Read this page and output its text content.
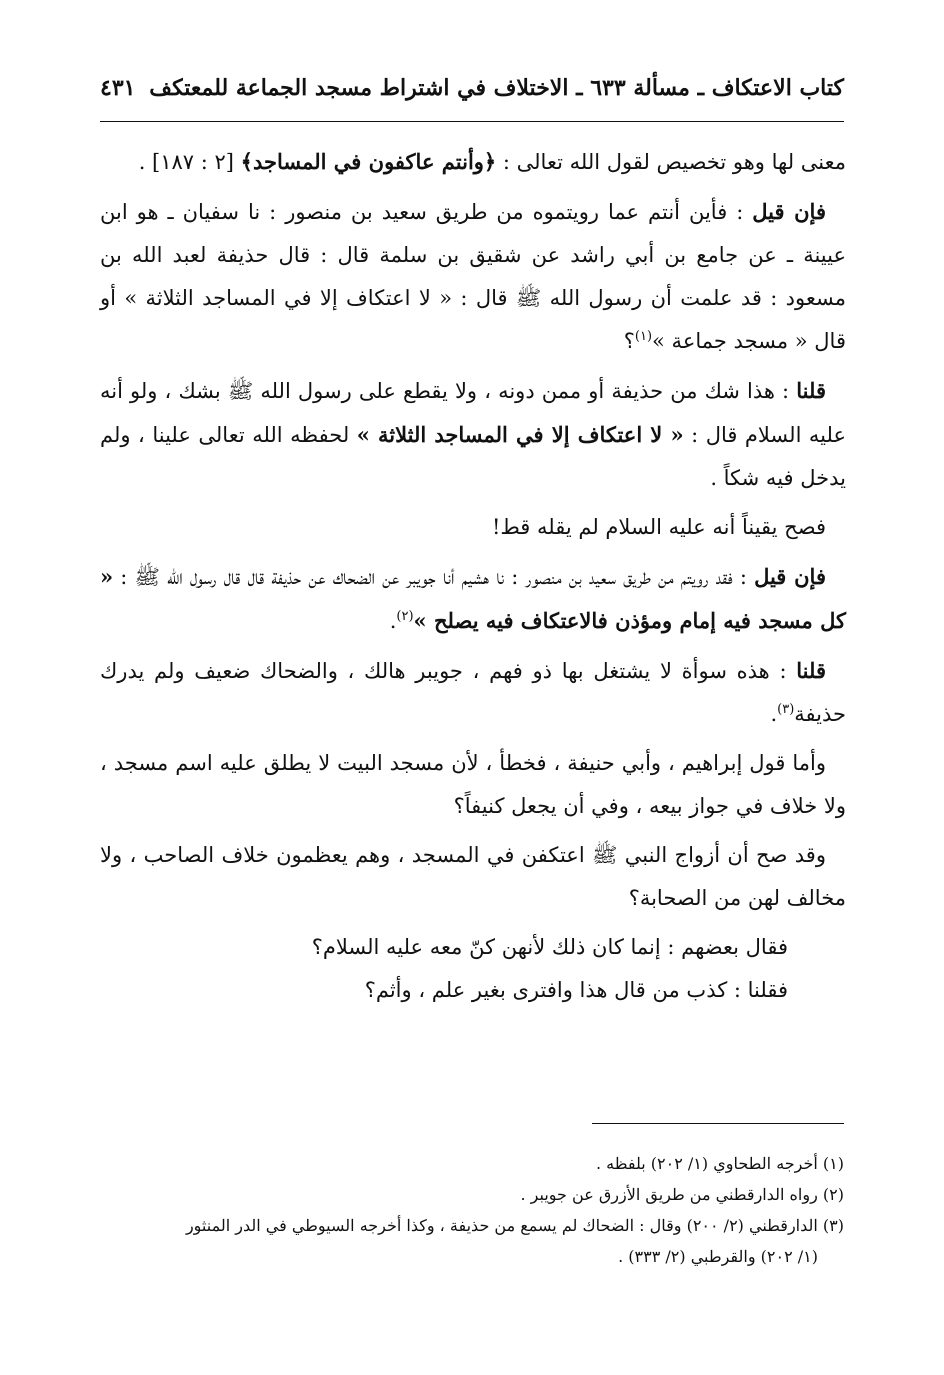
كتاب الاعتكاف ـ مسألة ٦٣٣ ـ الاختلاف في اشتراط مسجد الجماعة للمعتكف
٤٣١

معنى لها وهو تخصيص لقول الله تعالى : ﴿وأنتم عاكفون في المساجد﴾ [٢ : ١٨٧] .

فإن قيل : فأين أنتم عما رويتموه من طريق سعيد بن منصور : نا سفيان ـ هو ابن عيينة ـ عن جامع بن أبي راشد عن شقيق بن سلمة قال : قال حذيفة لعبد الله بن مسعود : قد علمت أن رسول الله ﷺ قال : « لا اعتكاف إلا في المساجد الثلاثة » أو قال « مسجد جماعة »$^{(١)}$؟

قلنا : هذا شك من حذيفة أو ممن دونه ، ولا يقطع على رسول الله ﷺ بشك ، ولو أنه عليه السلام قال : « لا اعتكاف إلا في المساجد الثلاثة » لحفظه الله تعالى علينا ، ولم يدخل فيه شكاً .

فصح يقيناً أنه عليه السلام لم يقله قط!

فإن قيل : فقد رويتم من طريق سعيد بن منصور : نا هشيم أنا جويبر عن الضحاك عن حذيفة قال قال رسول الله ﷺ : « كل مسجد فيه إمام ومؤذن فالاعتكاف فيه يصلح »$^{(٢)}$.

قلنا : هذه سوأة لا يشتغل بها ذو فهم ، جويبر هالك ، والضحاك ضعيف ولم يدرك حذيفة$^{(٣)}$.

وأما قول إبراهيم ، وأبي حنيفة ، فخطأ ، لأن مسجد البيت لا يطلق عليه اسم مسجد ، ولا خلاف في جواز بيعه ، وفي أن يجعل كنيفاً؟

وقد صح أن أزواج النبي ﷺ اعتكفن في المسجد ، وهم يعظمون خلاف الصاحب ، ولا مخالف لهن من الصحابة؟

فقال بعضهم : إنما كان ذلك لأنهن كنّ معه عليه السلام؟

فقلنا : كذب من قال هذا وافترى بغير علم ، وأثم؟

(١) أخرجه الطحاوي (١/ ٢٠٢) بلفظه .

(٢) رواه الدارقطني من طريق الأزرق عن جويبر .

(٣) الدارقطني (٢/ ٢٠٠) وقال : الضحاك لم يسمع من حذيفة ، وكذا أخرجه السيوطي في الدر المنثور

(١/ ٢٠٢) والقرطبي (٢/ ٣٣٣) .
